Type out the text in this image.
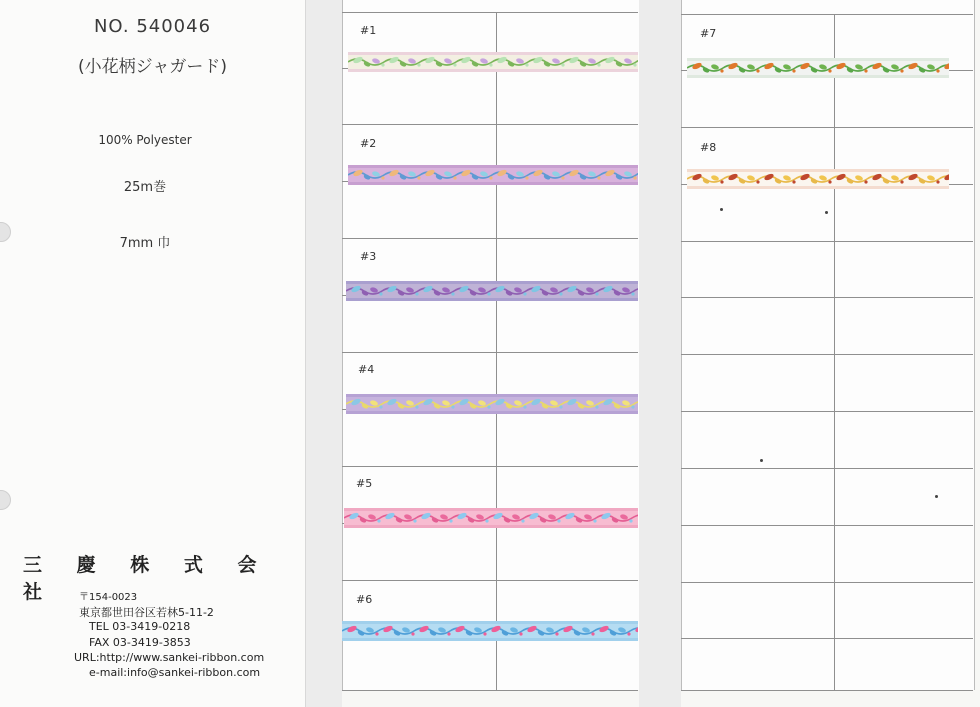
NO. 540046
(小花柄ジャガード)
100% Polyester
25m巻
7mm 巾
三 慶 株 式 会 社	〒154-0023
東京都世田谷区若林5-11-2
TEL 03-3419-0218
FAX 03-3419-3853
URL:http://www.sankei-ribbon.com
e-mail:info@sankei-ribbon.com
#1
#2
#3
#4
#5
#6
#7
#8
